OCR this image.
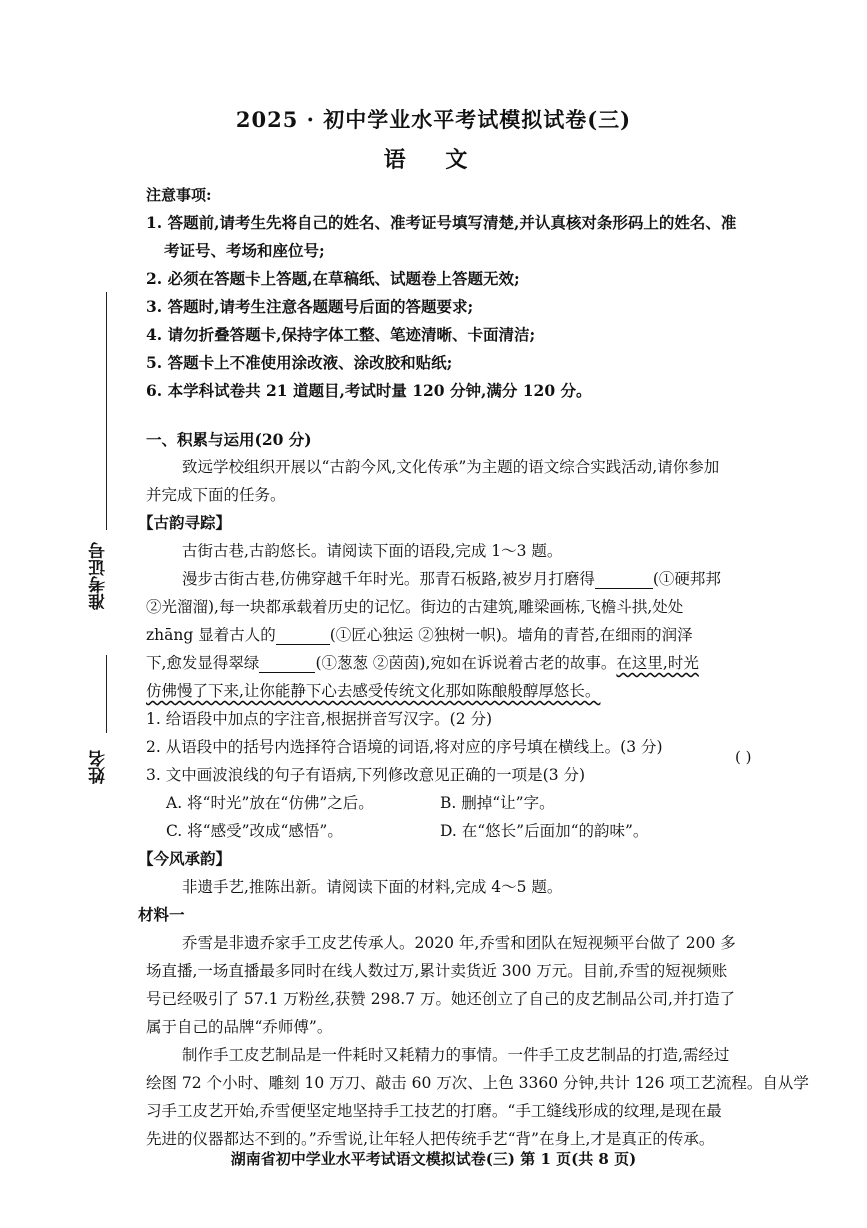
准考证号
姓名
2025 · 初中学业水平考试模拟试卷(三)
语 文
注意事项:
1. 答题前,请考生先将自己的姓名、准考证号填写清楚,并认真核对条形码上的姓名、准
考证号、考场和座位号;
2. 必须在答题卡上答题,在草稿纸、试题卷上答题无效;
3. 答题时,请考生注意各题题号后面的答题要求;
4. 请勿折叠答题卡,保持字体工整、笔迹清晰、卡面清洁;
5. 答题卡上不准使用涂改液、涂改胶和贴纸;
6. 本学科试卷共 21 道题目,考试时量 120 分钟,满分 120 分。
一、积累与运用(20 分)
致远学校组织开展以“古韵今风,文化传承”为主题的语文综合实践活动,请你参加
并完成下面的任务。
【古韵寻踪】
古街古巷,古韵悠长。请阅读下面的语段,完成 1～3 题。
漫步古街古巷,仿佛穿越千年时光。那青石板路,被岁月打磨得	(①硬邦邦
②光溜溜),每一块都承载着历史的记忆。街边的古建筑,雕梁画栋,飞檐斗拱,处处
zhāng 显着古人的	(①匠心独运 ②独树一帜)。墙角的青苔,在细雨的润泽
下,愈发显得翠绿	(①葱葱 ②茵茵),宛如在诉说着古老的故事。在这里,时光
仿佛慢了下来,让你能静下心去感受传统文化那如陈酿般醇厚悠长。
1. 给语段中加点的字注音,根据拼音写汉字。(2 分)
2. 从语段中的括号内选择符合语境的词语,将对应的序号填在横线上。(3 分)
3. 文中画波浪线的句子有语病,下列修改意见正确的一项是(3 分)
A. 将“时光”放在“仿佛”之后。	B. 删掉“让”字。
C. 将“感受”改成“感悟”。	D. 在“悠长”后面加“的韵味”。
【今风承韵】
非遗手艺,推陈出新。请阅读下面的材料,完成 4～5 题。
材料一
乔雪是非遗乔家手工皮艺传承人。2020 年,乔雪和团队在短视频平台做了 200 多
场直播,一场直播最多同时在线人数过万,累计卖货近 300 万元。目前,乔雪的短视频账
号已经吸引了 57.1 万粉丝,获赞 298.7 万。她还创立了自己的皮艺制品公司,并打造了
属于自己的品牌“乔师傅”。
制作手工皮艺制品是一件耗时又耗精力的事情。一件手工皮艺制品的打造,需经过
绘图 72 个小时、雕刻 10 万刀、敲击 60 万次、上色 3360 分钟,共计 126 项工艺流程。自从学
习手工皮艺开始,乔雪便坚定地坚持手工技艺的打磨。“手工缝线形成的纹理,是现在最
先进的仪器都达不到的。”乔雪说,让年轻人把传统手艺“背”在身上,才是真正的传承。
( )
湖南省初中学业水平考试语文模拟试卷(三) 第 1 页(共 8 页)
